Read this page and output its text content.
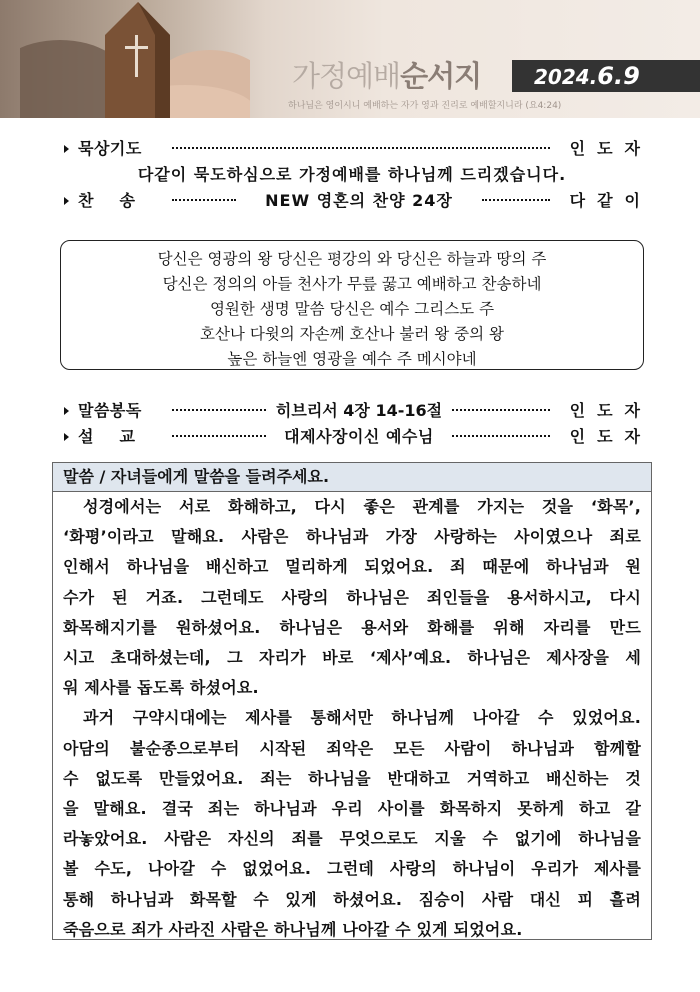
가정예배순서지	2024.6.9
하나님은 영이시니 예배하는 자가 영과 진리로 예배할지니라 (요4:24)
묵상기도	인도자
다같이 묵도하심으로 가정예배를 하나님께 드리겠습니다.
찬송	NEW 영혼의 찬양 24장	다같이
당신은 영광의 왕 당신은 평강의 와 당신은 하늘과 땅의 주
당신은 정의의 아들 천사가 무릎 꿇고 예배하고 찬송하네
영원한 생명 말씀 당신은 예수 그리스도 주
호산나 다윗의 자손께 호산나 불러 왕 중의 왕
높은 하늘엔 영광을 예수 주 메시야네
말씀봉독	히브리서 4장 14-16절	인도자
설교	대제사장이신 예수님	인도자
말씀 / 자녀들에게 말씀을 들려주세요.
성경에서는 서로 화해하고, 다시 좋은 관계를 가지는 것을 ‘화목’,
‘화평’이라고 말해요. 사람은 하나님과 가장 사랑하는 사이였으나 죄로
인해서 하나님을 배신하고 멀리하게 되었어요. 죄 때문에 하나님과 원
수가 된 거죠. 그런데도 사랑의 하나님은 죄인들을 용서하시고, 다시
화목해지기를 원하셨어요. 하나님은 용서와 화해를 위해 자리를 만드
시고 초대하셨는데, 그 자리가 바로 ‘제사’예요. 하나님은 제사장을 세
워 제사를 돕도록 하셨어요.
과거 구약시대에는 제사를 통해서만 하나님께 나아갈 수 있었어요.
아담의 불순종으로부터 시작된 죄악은 모든 사람이 하나님과 함께할
수 없도록 만들었어요. 죄는 하나님을 반대하고 거역하고 배신하는 것
을 말해요. 결국 죄는 하나님과 우리 사이를 화목하지 못하게 하고 갈
라놓았어요. 사람은 자신의 죄를 무엇으로도 지울 수 없기에 하나님을
볼 수도, 나아갈 수 없었어요. 그런데 사랑의 하나님이 우리가 제사를
통해 하나님과 화목할 수 있게 하셨어요. 짐승이 사람 대신 피 흘려
죽음으로 죄가 사라진 사람은 하나님께 나아갈 수 있게 되었어요.
